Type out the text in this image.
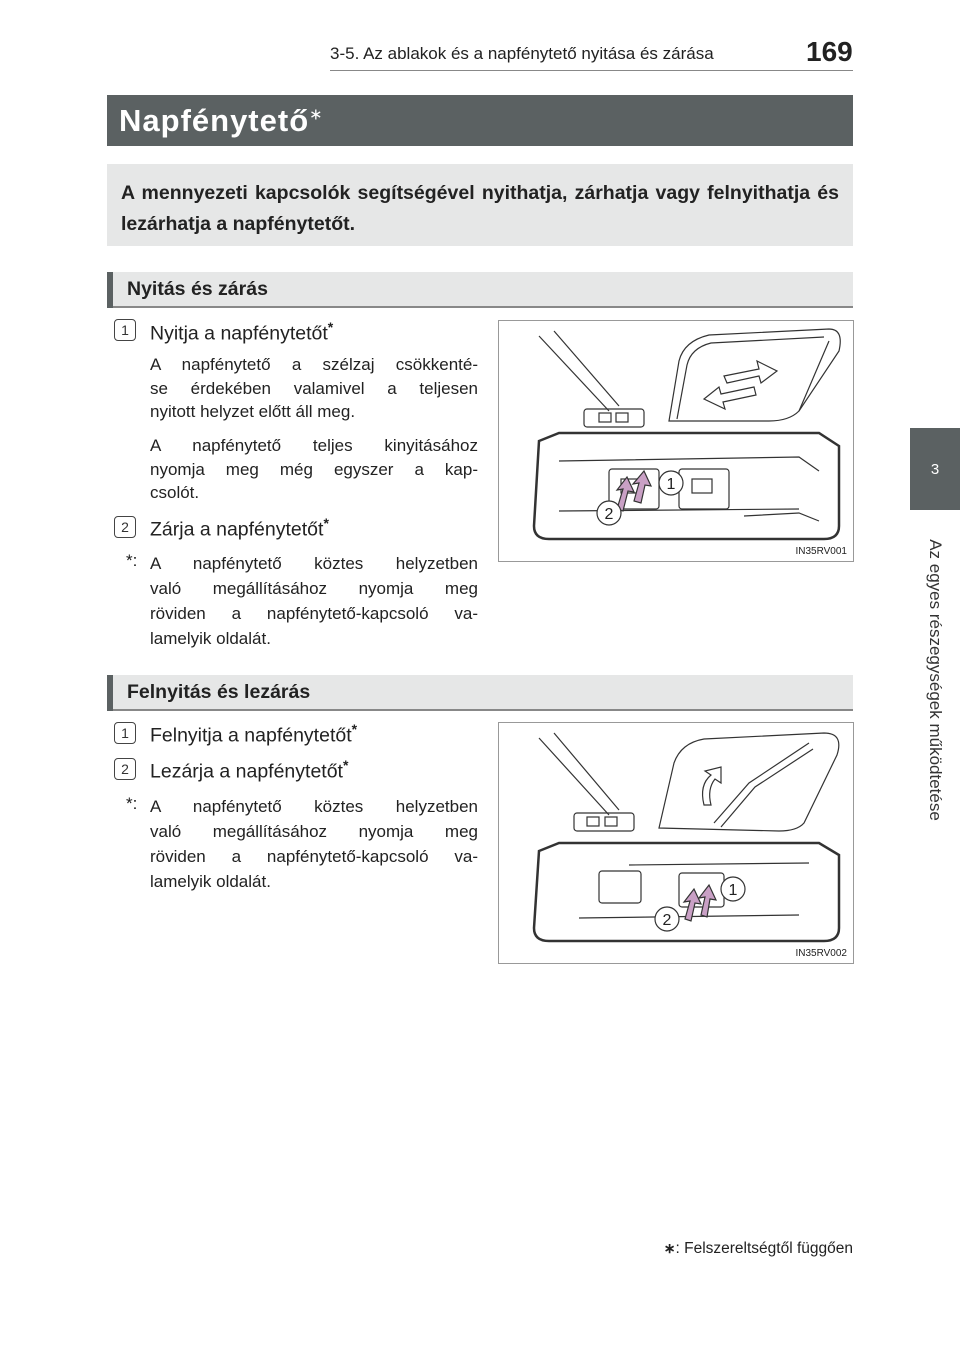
3-5. Az ablakok és a napfénytető nyitása és zárása	169
3
Az egyes részegységek működtetése
Napfénytető∗
A mennyezeti kapcsolók segítségével nyithatja, zárhatja vagy felnyithatja és lezárhatja a napfénytetőt.
Nyitás és zárás
1	Nyitja a napfénytetőt*
A napfénytető a szélzaj csökkenté-
se érdekében valamivel a teljesen
nyitott helyzet előtt áll meg.
A napfénytető teljes kinyitásához
nyomja meg még egyszer a kap-
csolót.
2	Zárja a napfénytetőt*
*: A napfénytető köztes helyzetben
való megállításához nyomja meg
röviden a napfénytető-kapcsoló va-
lamelyik oldalát.
1
2
IN35RV001
Felnyitás és lezárás
1	Felnyitja a napfénytetőt*
2	Lezárja a napfénytetőt*
*: A napfénytető köztes helyzetben
való megállításához nyomja meg
röviden a napfénytető-kapcsoló va-
lamelyik oldalát.	1
2
IN35RV002
∗: Felszereltségtől függően
